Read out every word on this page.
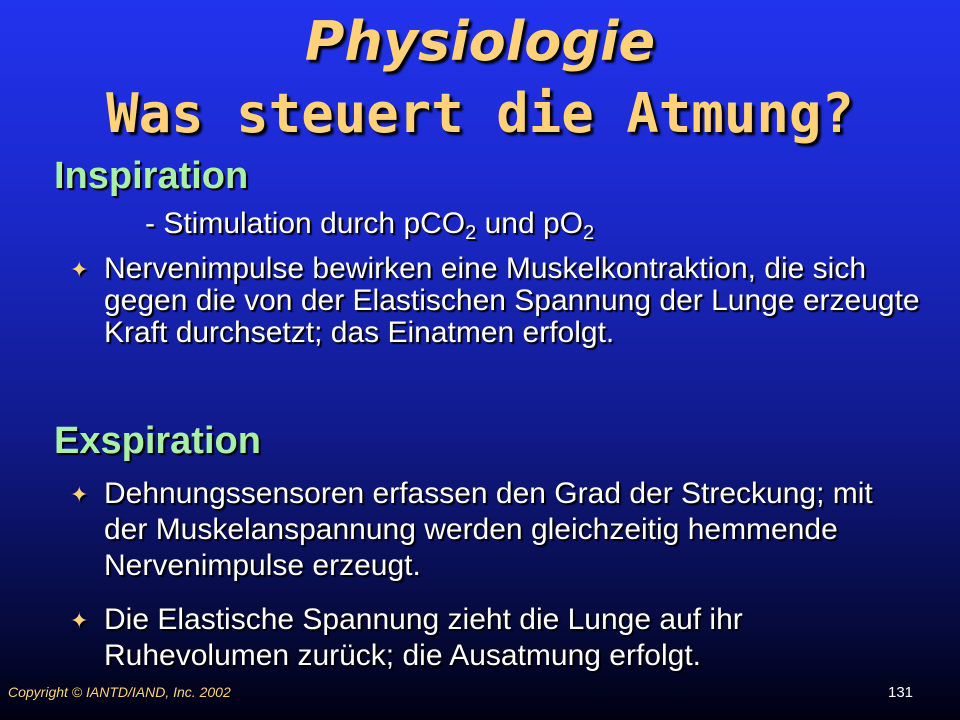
Physiologie
Was steuert die Atmung?
Inspiration
- Stimulation durch pCO$_2$ und $pO_2$
✦ Nervenimpulse bewirken eine Muskelkontraktion, die sich gegen die von der Elastischen Spannung der Lunge erzeugte Kraft durchsetzt; das Einatmen erfolgt.
Exspiration
✦ Dehnungssensoren erfassen den Grad der Streckung; mit der Muskelanspannung werden gleichzeitig hemmende Nervenimpulse erzeugt.
✦ Die Elastische Spannung zieht die Lunge auf ihr Ruhevolumen zurück; die Ausatmung erfolgt.
Copyright © IANTD/IAND, Inc. 2002	131
